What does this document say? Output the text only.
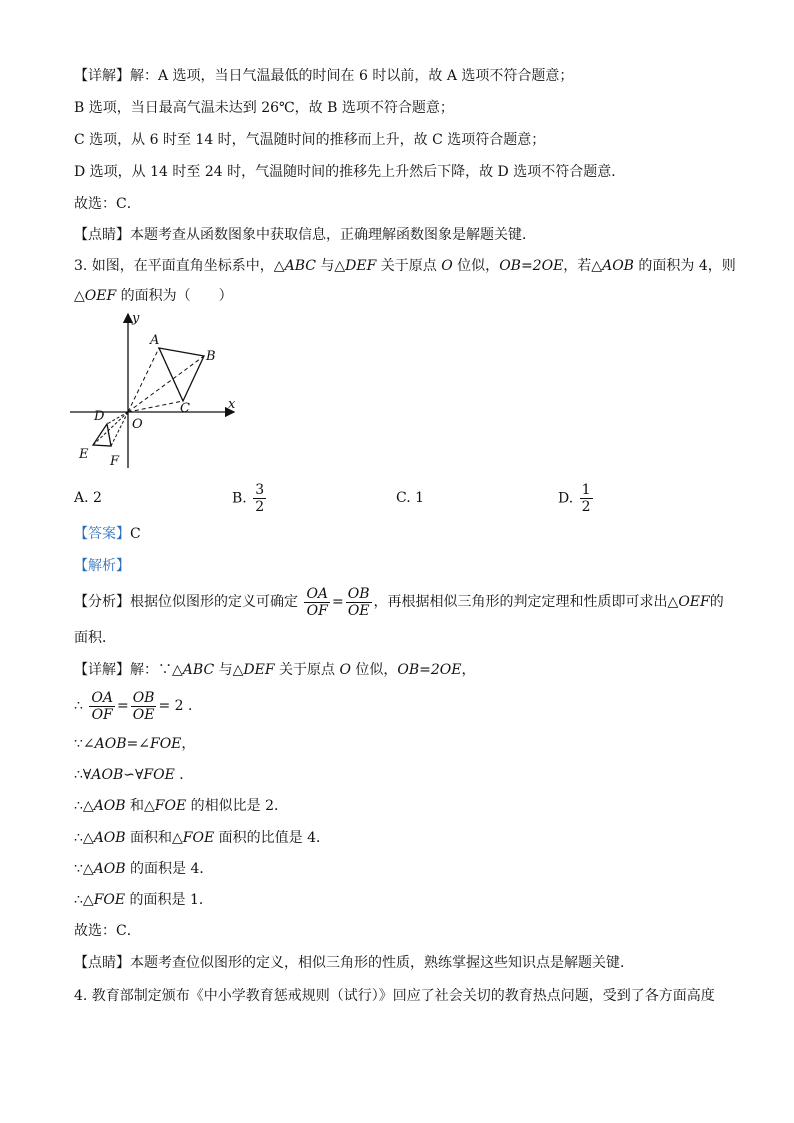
【详解】解：A 选项，当日气温最低的时间在 6 时以前，故 A 选项不符合题意；
B 选项，当日最高气温未达到 26℃，故 B 选项不符合题意；
C 选项，从 6 时至 14 时，气温随时间的推移而上升，故 C 选项符合题意；
D 选项，从 14 时至 24 时，气温随时间的推移先上升然后下降，故 D 选项不符合题意．
故选：C．
【点睛】本题考查从函数图象中获取信息，正确理解函数图象是解题关键．
3. 如图，在平面直角坐标系中，△ABC 与△DEF 关于原点 O 位似，OB=2OE，若△AOB 的面积为 4，则
△OEF 的面积为（　　）
y
x
A
B
C
O
D
E F
A. 2	B. $\frac{3}{2}$	C. 1	D. $\frac{1}{2}$
【答案】C
【解析】
【分析】根据位似图形的定义可确定 $\frac{OA}{OF} = \frac{OB}{OE}$ ，再根据相似三角形的判定定理和性质即可求出△OEF的
面积．
【详解】解：∵△ABC 与△DEF 关于原点 O 位似，OB=2OE，
∴ $\frac{OA}{OF} = \frac{OB}{OE} = 2$ ．
∵∠AOB=∠FOE，
∴∀AOB∽∀FOE ．
∴△AOB 和△FOE 的相似比是 2．
∴△AOB 面积和△FOE 面积的比值是 4．
∵△AOB 的面积是 4．
∴△FOE 的面积是 1．
故选：C．
【点睛】本题考查位似图形的定义，相似三角形的性质，熟练掌握这些知识点是解题关键．
4. 教育部制定颁布《中小学教育惩戒规则（试行）》回应了社会关切的教育热点问题，受到了各方面高度
